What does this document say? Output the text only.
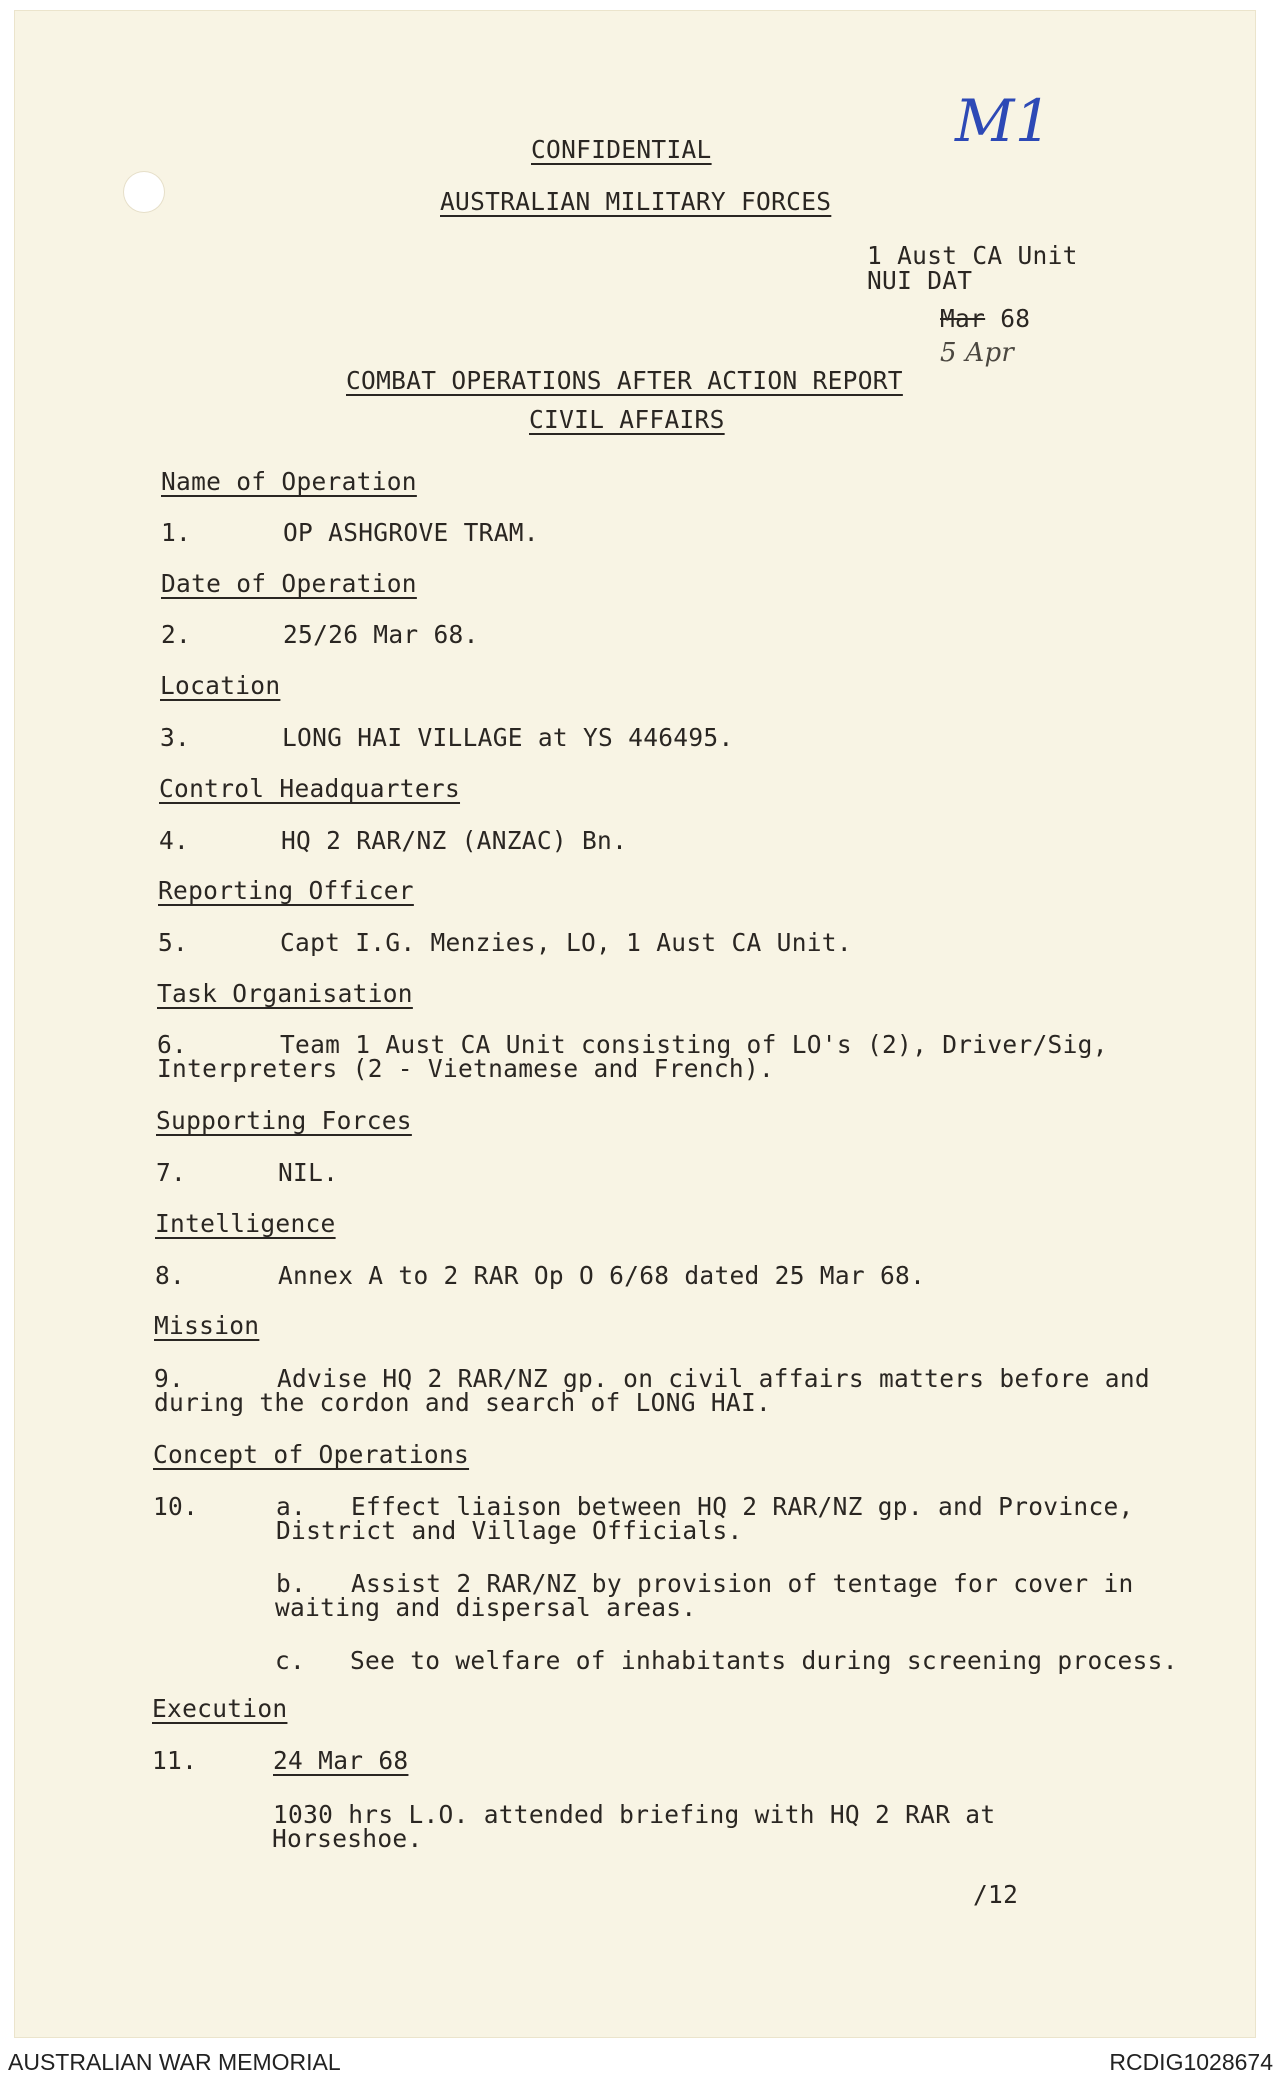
CONFIDENTIAL
AUSTRALIAN MILITARY FORCES
M1
1 Aust CA Unit
NUI DAT
Mar 68
5 Apr
COMBAT OPERATIONS AFTER ACTION REPORT
CIVIL AFFAIRS
Name of Operation
1.	OP ASHGROVE TRAM.
Date of Operation
2.	25/26 Mar 68.
Location
3.	LONG HAI VILLAGE at YS 446495.
Control Headquarters
4.	HQ 2 RAR/NZ (ANZAC) Bn.
Reporting Officer
5.	Capt I.G. Menzies, LO, 1 Aust CA Unit.
Task Organisation
6.	Team 1 Aust CA Unit consisting of LO's (2), Driver/Sig,
Interpreters (2 - Vietnamese and French).
Supporting Forces
7.	NIL.
Intelligence
8.	Annex A to 2 RAR Op O 6/68 dated 25 Mar 68.
Mission
9.	Advise HQ 2 RAR/NZ gp. on civil affairs matters before and
during the cordon and search of LONG HAI.
Concept of Operations
10.	a. Effect liaison between HQ 2 RAR/NZ gp. and Province,
District and Village Officials.
b. Assist 2 RAR/NZ by provision of tentage for cover in
waiting and dispersal areas.
c. See to welfare of inhabitants during screening process.
Execution
11.	24 Mar 68
1030 hrs L.O. attended briefing with HQ 2 RAR at
Horseshoe.
/12
AUSTRALIAN WAR MEMORIAL	RCDIG1028674
